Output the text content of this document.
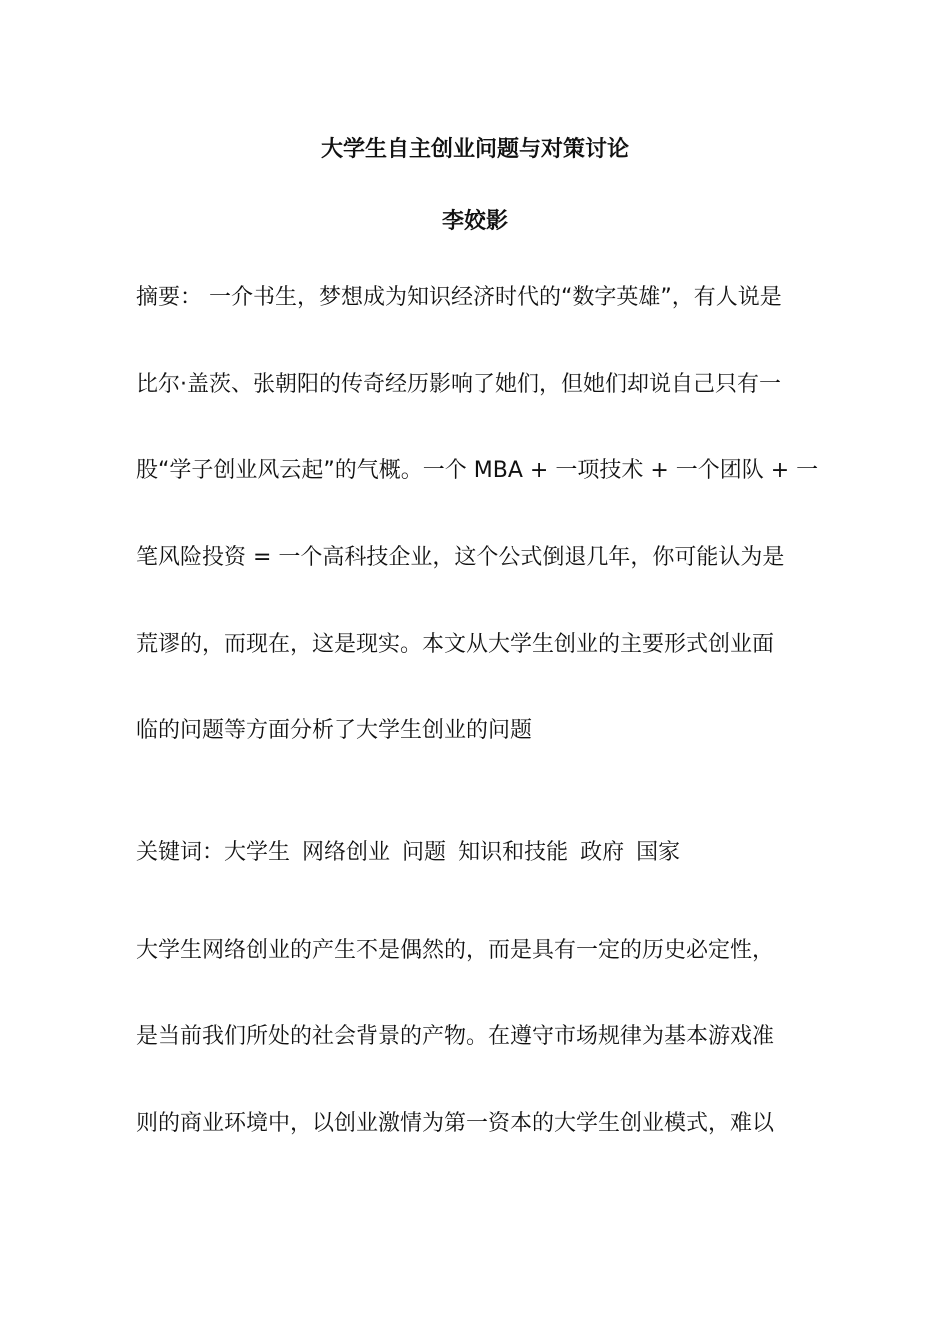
大学生自主创业问题与对策讨论
李姣影
摘要： 一介书生，梦想成为知识经济时代的“数字英雄”，有人说是
比尔·盖茨、张朝阳的传奇经历影响了她们，但她们却说自己只有一
股“学子创业风云起”的气概。一个 MBA + 一项技术 + 一个团队 + 一
笔风险投资 = 一个高科技企业，这个公式倒退几年，你可能认为是
荒谬的，而现在，这是现实。本文从大学生创业的主要形式创业面
临的问题等方面分析了大学生创业的问题
关键词：大学生 网络创业 问题 知识和技能 政府 国家
大学生网络创业的产生不是偶然的，而是具有一定的历史必定性，
是当前我们所处的社会背景的产物。在遵守市场规律为基本游戏准
则的商业环境中，以创业激情为第一资本的大学生创业模式，难以
